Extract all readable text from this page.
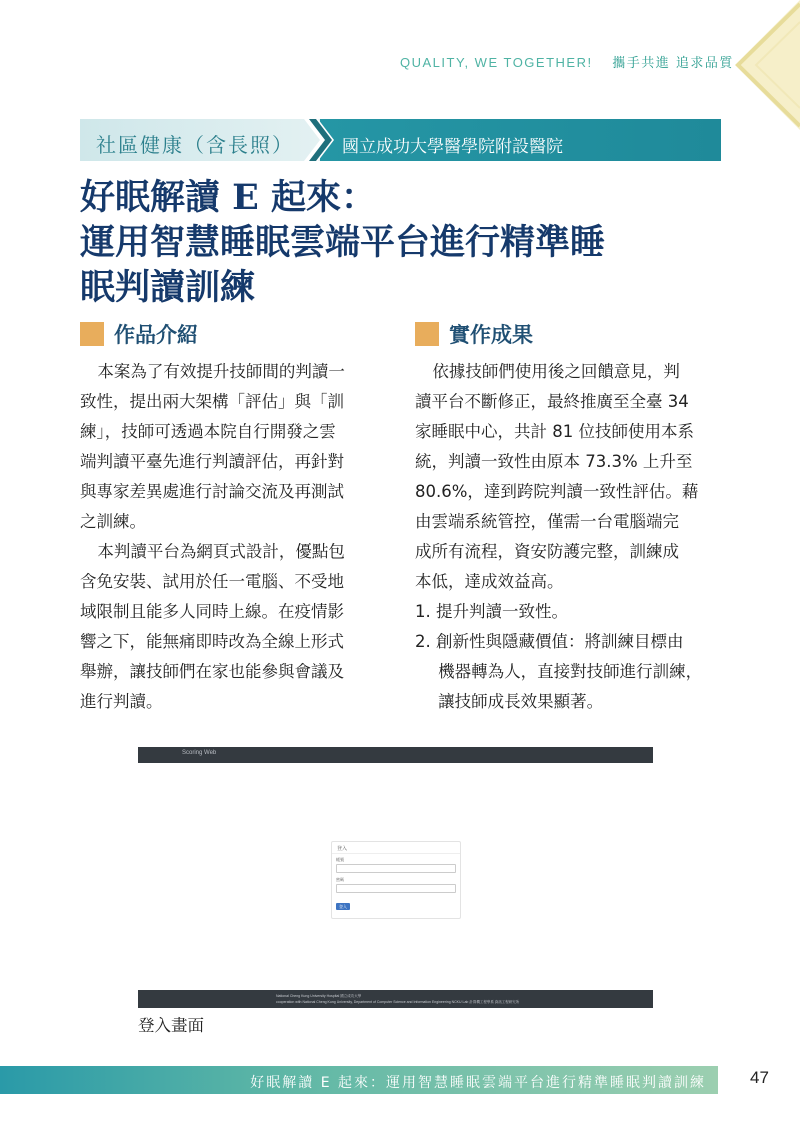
QUALITY, WE TOGETHER! 攜手共進 追求品質
社區健康（含長照）	國立成功大學醫學院附設醫院
好眠解讀 E 起來：
運用智慧睡眠雲端平台進行精準睡
眠判讀訓練
作品介紹	實作成果
本案為了有效提升技師間的判讀一
致性，提出兩大架構「評估」與「訓
練」，技師可透過本院自行開發之雲
端判讀平臺先進行判讀評估，再針對
與專家差異處進行討論交流及再測試
之訓練。
本判讀平台為網頁式設計，優點包
含免安裝、試用於任一電腦、不受地
域限制且能多人同時上線。在疫情影
響之下，能無痛即時改為全線上形式
舉辦，讓技師們在家也能參與會議及
進行判讀。
依據技師們使用後之回饋意見，判
讀平台不斷修正，最終推廣至全臺 34
家睡眠中心，共計 81 位技師使用本系
統，判讀一致性由原本 73.3% 上升至
80.6%，達到跨院判讀一致性評估。藉
由雲端系統管控，僅需一台電腦端完
成所有流程，資安防護完整，訓練成
本低，達成效益高。
1. 提升判讀一致性。
2. 創新性與隱藏價值：將訓練目標由
機器轉為人，直接對技師進行訓練，
讓技師成長效果顯著。
Scoring Web
登入
帳號
密碼
登入
National Cheng Kung University Hospital 國立成功大學
cooperation with National Cheng Kung University, Department of Computer Science and Information Engineering NCKU Lab 計算機工程學系 資訊工程研究所
登入畫面
好眠解讀 E 起來：運用智慧睡眠雲端平台進行精準睡眠判讀訓練	47
